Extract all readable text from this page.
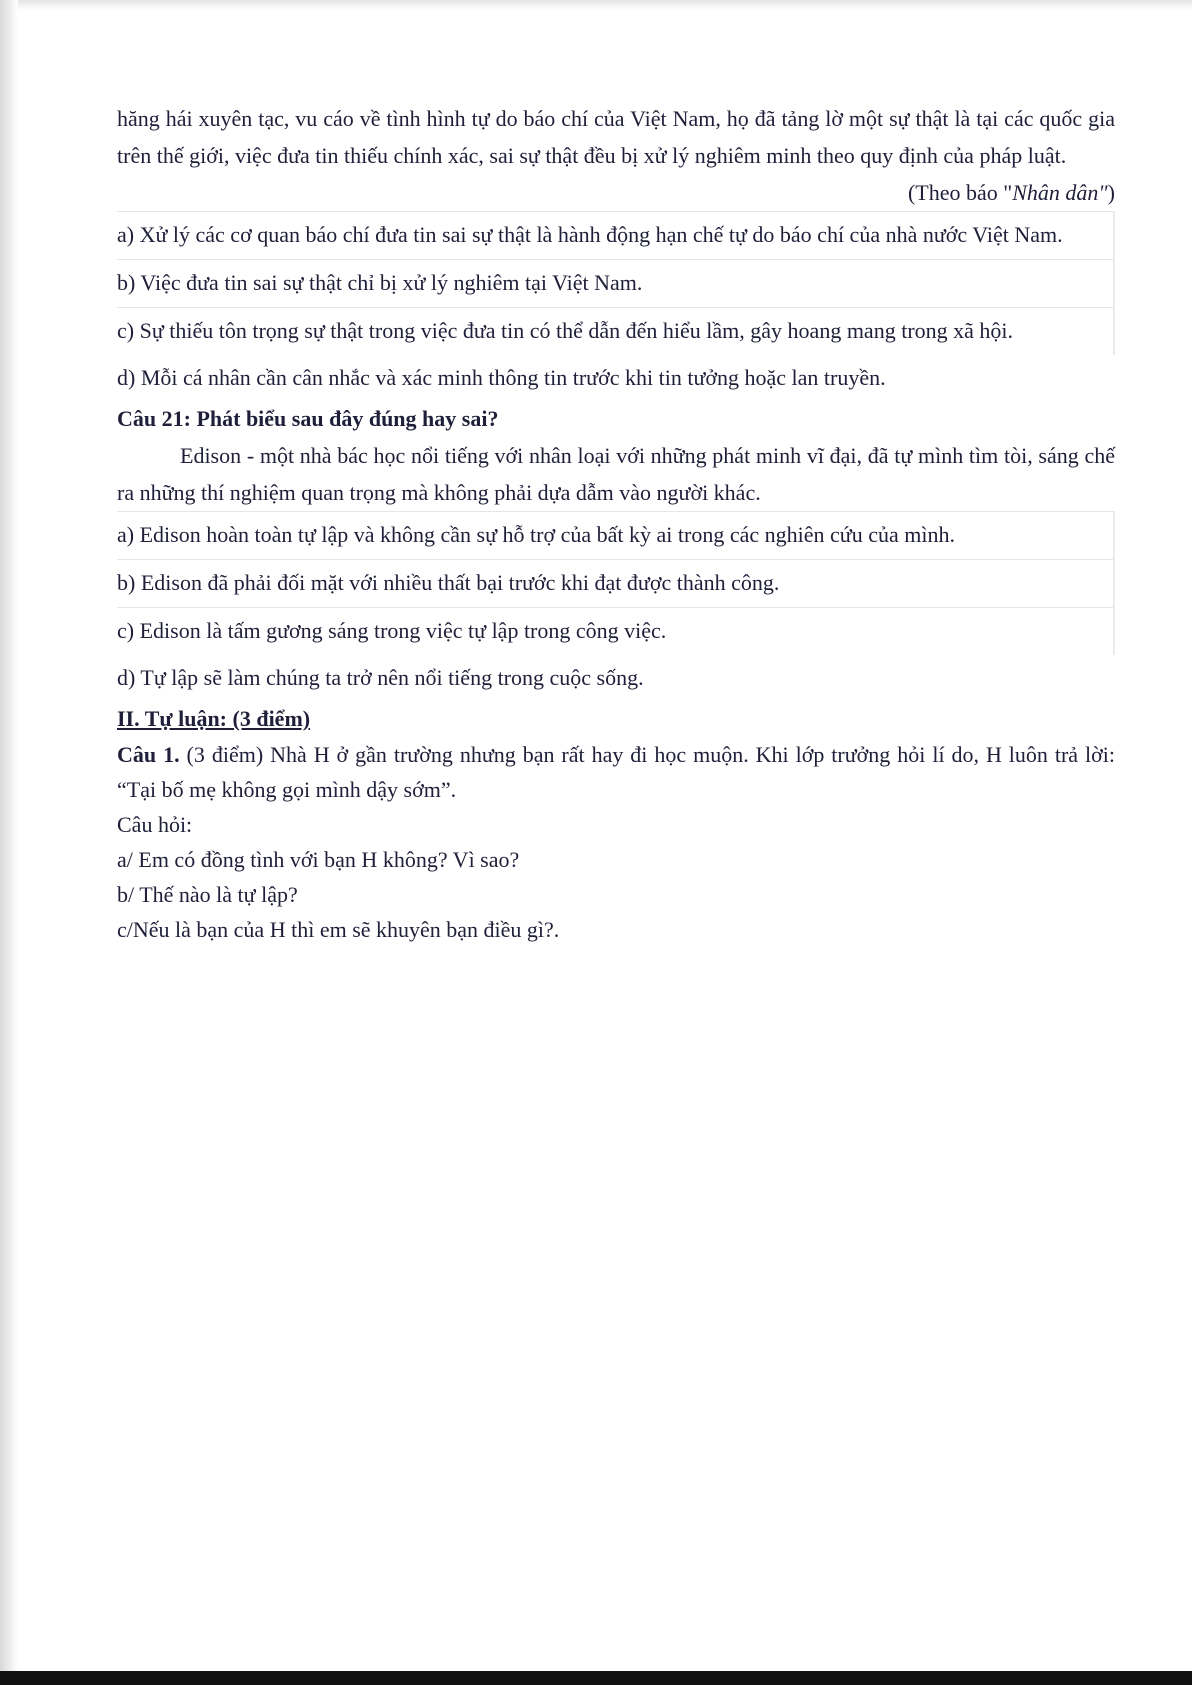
hăng hái xuyên tạc, vu cáo về tình hình tự do báo chí của Việt Nam, họ đã tảng lờ một sự thật là tại các quốc gia trên thế giới, việc đưa tin thiếu chính xác, sai sự thật đều bị xử lý nghiêm minh theo quy định của pháp luật.

(Theo báo "Nhân dân")

a) Xử lý các cơ quan báo chí đưa tin sai sự thật là hành động hạn chế tự do báo chí của nhà nước Việt Nam.

b) Việc đưa tin sai sự thật chỉ bị xử lý nghiêm tại Việt Nam.

c) Sự thiếu tôn trọng sự thật trong việc đưa tin có thể dẫn đến hiểu lầm, gây hoang mang trong xã hội.

d) Mỗi cá nhân cần cân nhắc và xác minh thông tin trước khi tin tưởng hoặc lan truyền.

Câu 21: Phát biểu sau đây đúng hay sai?

Edison - một nhà bác học nổi tiếng với nhân loại với những phát minh vĩ đại, đã tự mình tìm tòi, sáng chế ra những thí nghiệm quan trọng mà không phải dựa dẫm vào người khác.

a) Edison hoàn toàn tự lập và không cần sự hỗ trợ của bất kỳ ai trong các nghiên cứu của mình.

b) Edison đã phải đối mặt với nhiều thất bại trước khi đạt được thành công.

c) Edison là tấm gương sáng trong việc tự lập trong công việc.

d) Tự lập sẽ làm chúng ta trở nên nổi tiếng trong cuộc sống.

II. Tự luận: (3 điểm)

Câu 1. (3 điểm) Nhà H ở gần trường nhưng bạn rất hay đi học muộn. Khi lớp trưởng hỏi lí do, H luôn trả lời: “Tại bố mẹ không gọi mình dậy sớm”.

Câu hỏi:

a/ Em có đồng tình với bạn H không? Vì sao?

b/ Thế nào là tự lập?

c/Nếu là bạn của H thì em sẽ khuyên bạn điều gì?.
